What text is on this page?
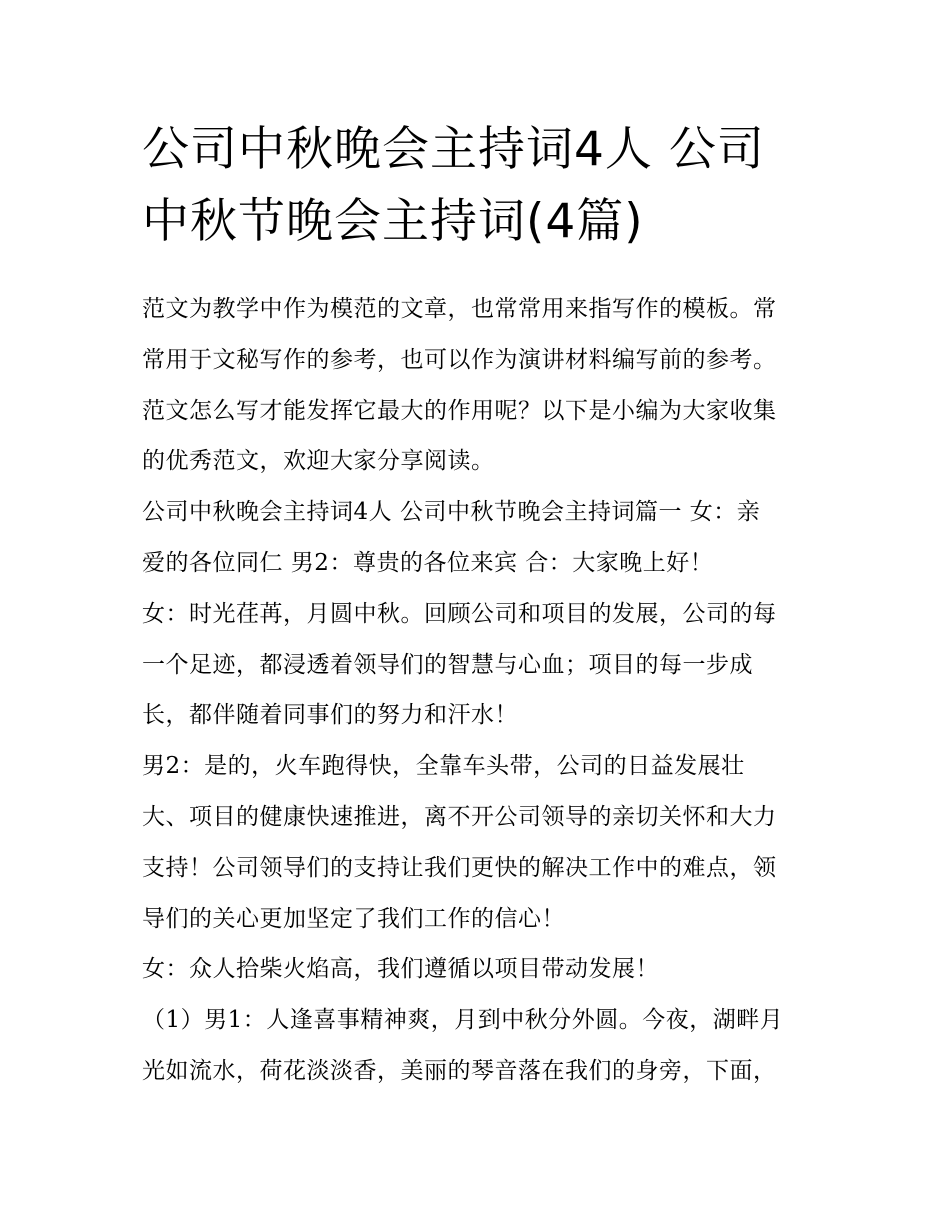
公司中秋晚会主持词4人 公司
中秋节晚会主持词(4篇)
范文为教学中作为模范的文章，也常常用来指写作的模板。常
常用于文秘写作的参考，也可以作为演讲材料编写前的参考。
范文怎么写才能发挥它最大的作用呢？以下是小编为大家收集
的优秀范文，欢迎大家分享阅读。
公司中秋晚会主持词4人 公司中秋节晚会主持词篇一 女：亲
爱的各位同仁 男2：尊贵的各位来宾 合：大家晚上好！
女：时光荏苒，月圆中秋。回顾公司和项目的发展，公司的每
一个足迹，都浸透着领导们的智慧与心血；项目的每一步成
长，都伴随着同事们的努力和汗水！
男2：是的，火车跑得快，全靠车头带，公司的日益发展壮
大、项目的健康快速推进，离不开公司领导的亲切关怀和大力
支持！公司领导们的支持让我们更快的解决工作中的难点，领
导们的关心更加坚定了我们工作的信心！
女：众人拾柴火焰高，我们遵循以项目带动发展！
（1）男1：人逢喜事精神爽，月到中秋分外圆。今夜，湖畔月
光如流水，荷花淡淡香，美丽的琴音落在我们的身旁，下面，
